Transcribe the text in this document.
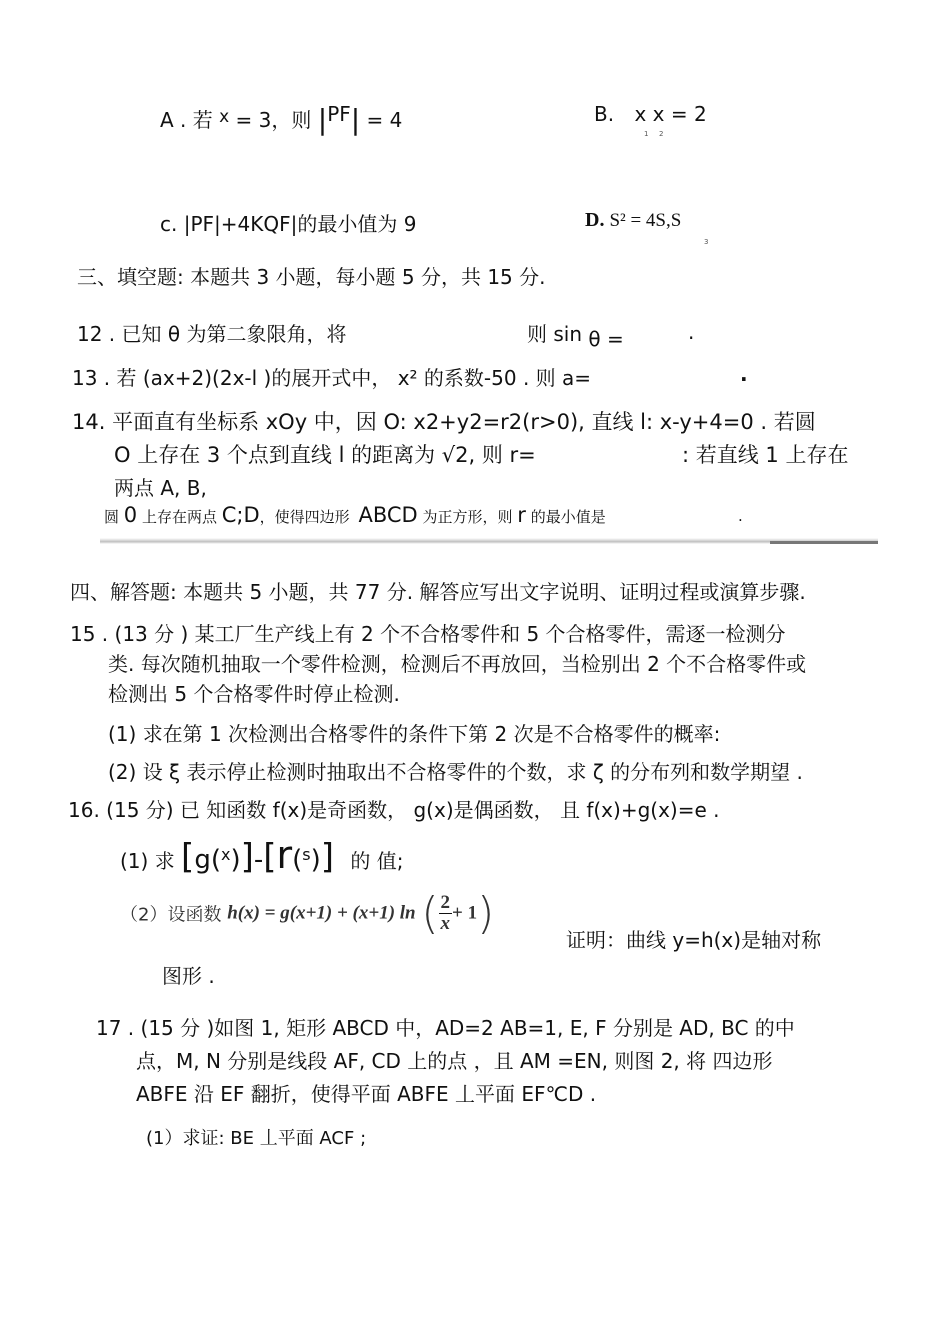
A . 若 $^x$ = 3，则 |PF| = 4	B. x x = 2
1 2
c. |PF|+4KQF|的最小值为 9	D. S² = 4S,S
3
三、填空题: 本题共 3 小题，每小题 5 分，共 15 分.
12 . 已知 θ 为第二象限角，将	则 sin θ =	.
13 . 若 (ax+2)(2x-l )的展开式中， x² 的系数-50 . 则 a=	.
14. 平面直有坐标系 xOy 中，因 O: x2+y2=r2(r>0), 直线 l: x-y+4=0 . 若圆
O 上存在 3 个点到直线 l 的距离为 √2, 则 r=	: 若直线 1 上存在
两点 A, B,
圆 0 上存在两点 C;D，使得四边形 ABCD 为正方形，则 r 的最小值是	.
四、解答题: 本题共 5 小题，共 77 分. 解答应写出文字说明、证明过程或演算步骤.
15 . (13 分 ) 某工厂生产线上有 2 个不合格零件和 5 个合格零件，需逐一检测分
类. 每次随机抽取一个零件检测，检测后不再放回，当检别出 2 个不合格零件或
检测出 5 个合格零件时停止检测.
(1) 求在第 1 次检测出合格零件的条件下第 2 次是不合格零件的概率:
(2) 设 ξ 表示停止检测时抽取出不合格零件的个数，求 ζ 的分布列和数学期望 .
16. (15 分) 已 知函数 f(x)是奇函数， g(x)是偶函数， 且 f(x)+g(x)=e .
(1) 求 [g($^x$)]-[r($^s$)] 的 值;
（2）设函数 h(x) = g(x+1) + (x+1) ln ( $\frac{2}{x} + 1$)
证明：曲线 y=h(x)是轴对称
图形 .
17 . (15 分 )如图 1, 矩形 ABCD 中，AD=2 AB=1, E, F 分别是 AD, BC 的中
点，M, N 分别是线段 AF, CD 上的点 ，且 AM =EN, 则图 2, 将 四边形
ABFE 沿 EF 翻折，使得平面 ABFE 丄平面 EF℃D .
(1）求证: BE 丄平面 ACF ;
